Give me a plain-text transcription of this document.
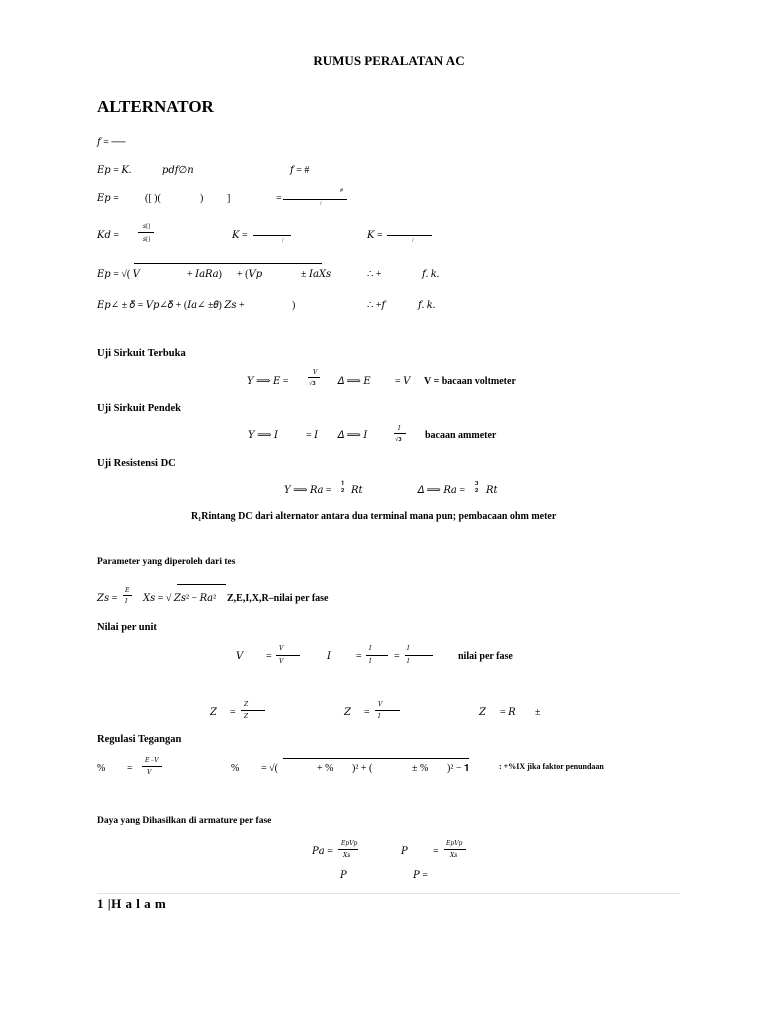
RUMUS PERALATAN AC
ALTERNATOR
𝑓 = ──
𝐸𝑝 = 𝐾.	𝑝𝑑𝑓∅𝑛	𝑓 = #
𝐸𝑝 =	([ )(	) ]	=
#
/
𝐾𝑑 =
𝑠[]
𝑠[]	𝐾 =	/	𝐾 =	/
𝐸𝑝 = √( 𝑉	+ 𝐼𝑎𝑅𝑎) + (𝑉𝑝	± 𝐼𝑎𝑋𝑠	∴ +	𝑓. 𝑘.
𝐸𝑝∠ ± 𝛿 = 𝑉𝑝∠𝛿 + (𝐼𝑎∠ ±𝜃) 𝑍𝑠 +	)	∴ +𝑓	𝑓. 𝑘.
Uji Sirkuit Terbuka
𝑌 ⟹ 𝐸 =
𝑉
√𝟑 𝛥 ⟹ 𝐸 = 𝑉 V = bacaan voltmeter
Uji Sirkuit Pendek
𝑌 ⟹ 𝐼	= 𝐼 𝛥 ⟹ 𝐼
𝐼
√𝟑 bacaan ammeter
Uji Resistensi DC
𝑌 ⟹ 𝑅𝑎 =
𝟏 𝟐 𝑅𝑡	𝛥 ⟹ 𝑅𝑎 =
𝟑 𝟐 𝑅𝑡
R₁Rintang DC dari alternator antara dua terminal mana pun; pembacaan ohm meter
Parameter yang diperoleh dari tes
𝑍𝑠 =
𝐸
𝐼 𝑋𝑠 = √ 𝑍𝑠² − 𝑅𝑎² Z,E,I,X,R–nilai per fase
Nilai per unit
𝑉 =
𝑉
𝑉	𝐼	=
𝐼
𝐼 =
𝐼
𝐼	nilai per fase
𝑍 =
𝑍
𝑍	𝑍 =
𝑉
𝐼	𝑍 = 𝑅 ±
Regulasi Tegangan
% =
𝐸 −𝑉
𝑉	% = √(	+ % )² + (	± % )² − 𝟏	: +%IX jika faktor penundaan
Daya yang Dihasilkan di armature per fase
𝑃𝑎 =
𝐸𝑝𝑉𝑝
𝑋𝑠	𝑃	=
𝐸𝑝𝑉𝑝
𝑋𝑠
𝑃	𝑃 =
1 |H a l a m
